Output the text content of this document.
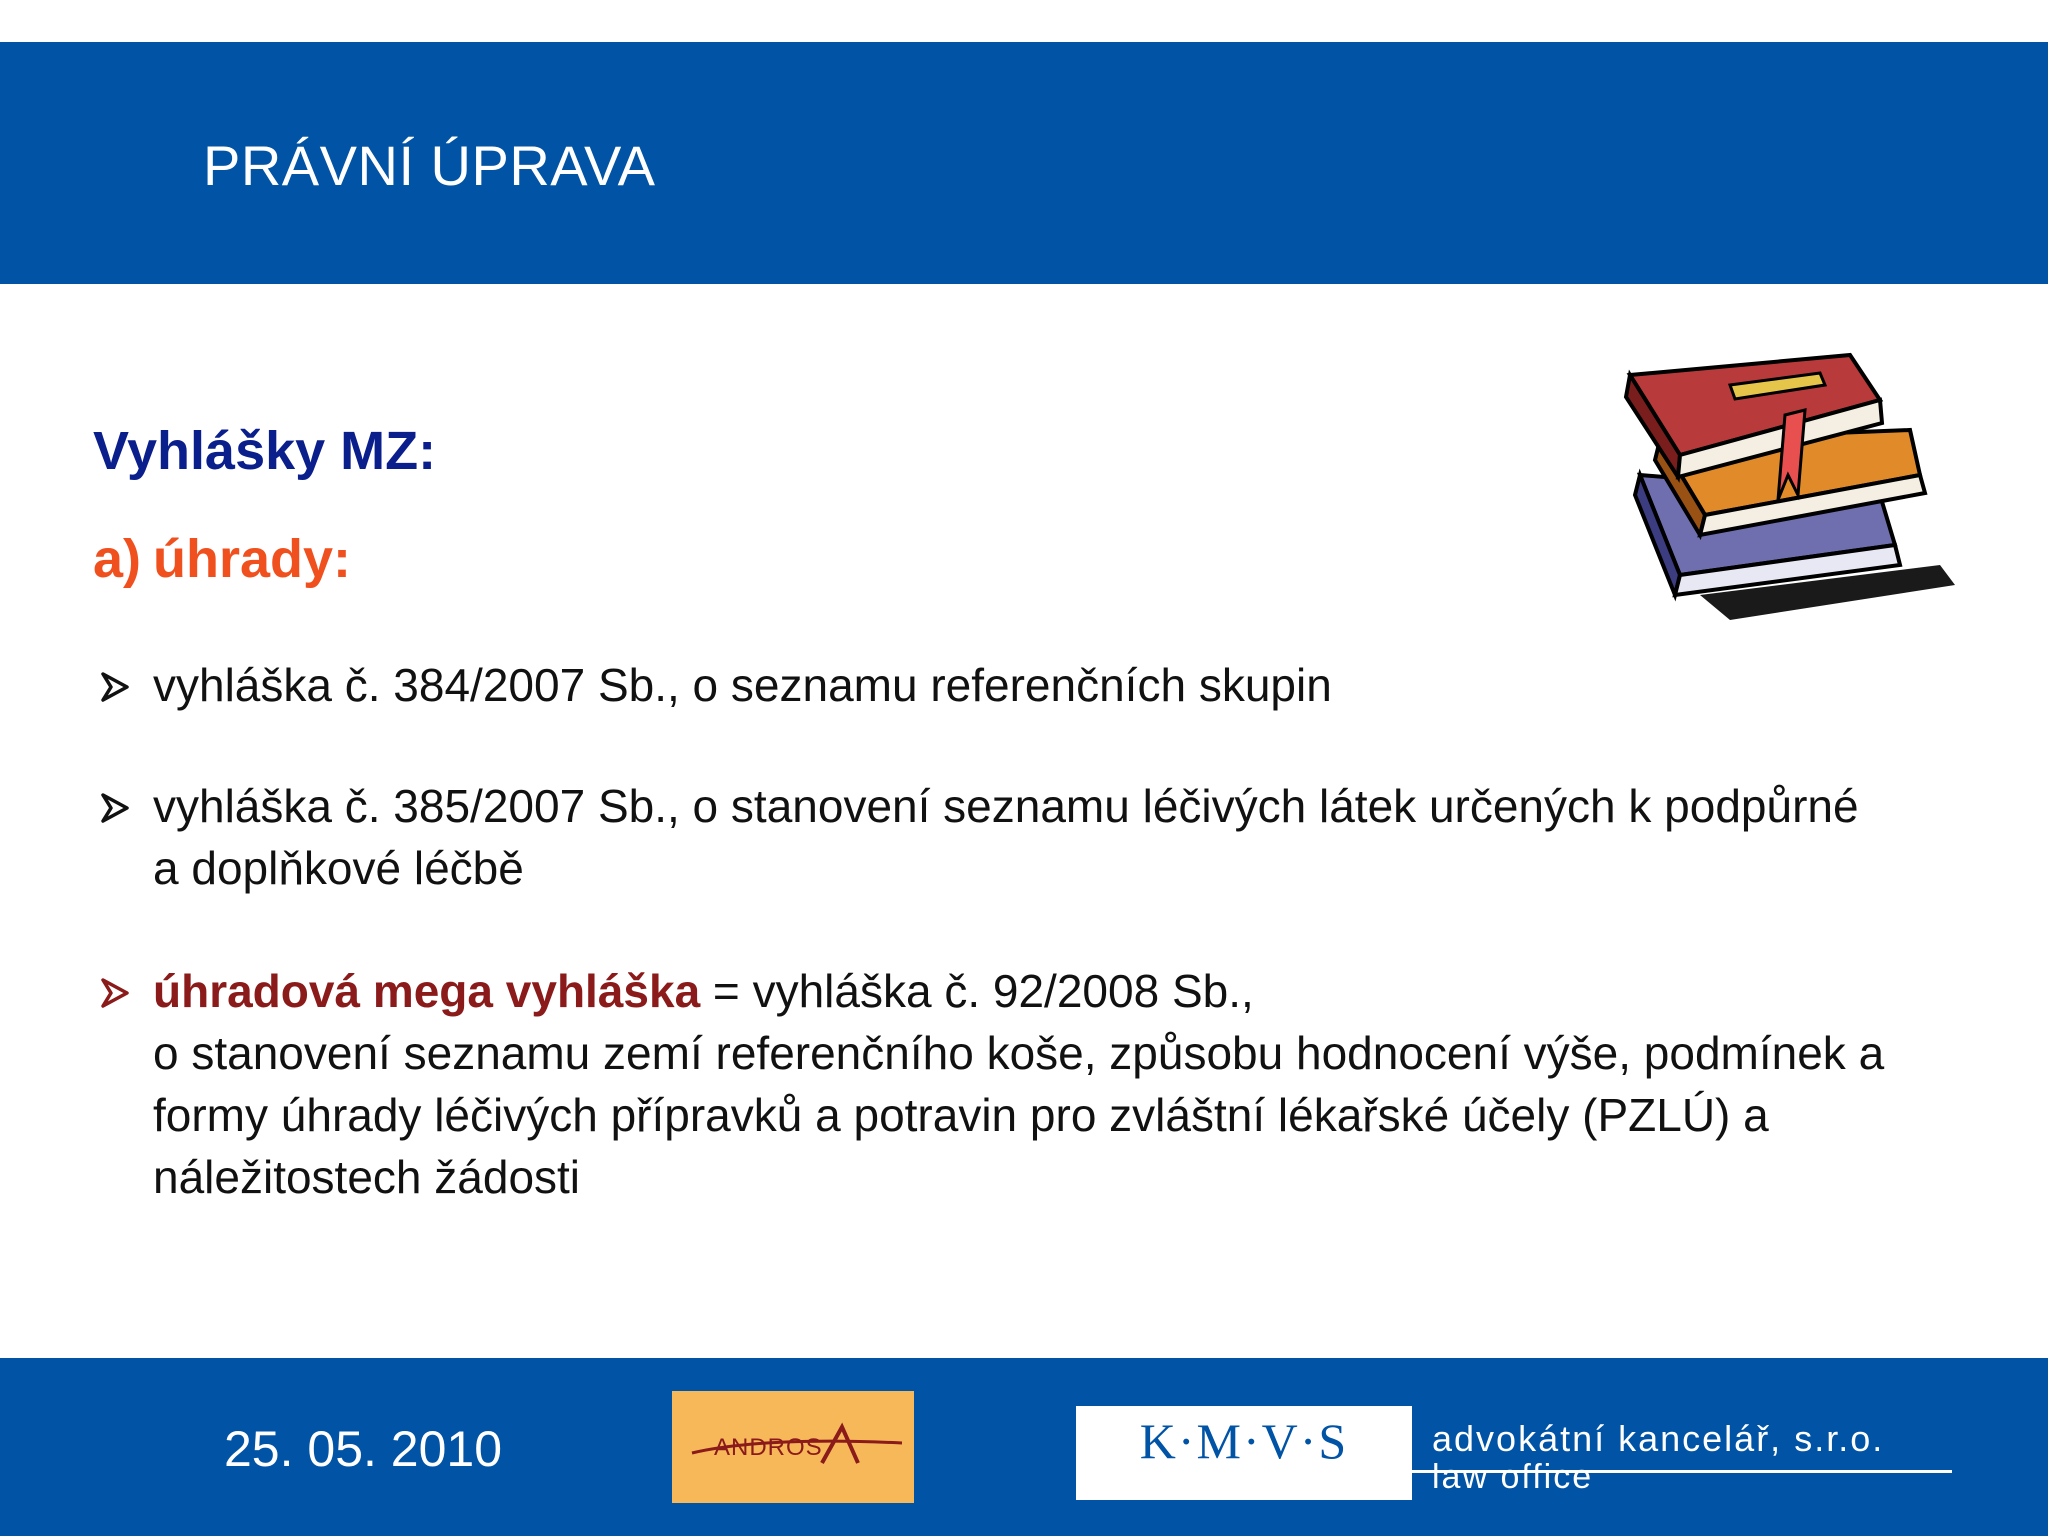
PRÁVNÍ ÚPRAVA
Vyhlášky MZ:
a) úhrady:
vyhláška č. 384/2007 Sb., o seznamu referenčních skupin
vyhláška č. 385/2007 Sb., o stanovení seznamu léčivých látek určených k podpůrné a doplňkové léčbě
úhradová mega vyhláška = vyhláška č. 92/2008 Sb.,
o stanovení seznamu zemí referenčního koše, způsobu hodnocení výše, podmínek a formy úhrady léčivých přípravků a potravin pro zvláštní lékařské účely (PZLÚ) a náležitostech žádosti
25. 05. 2010	ANDROS	K·M·V·S	advokátní kancelář, s.r.o.
law office
